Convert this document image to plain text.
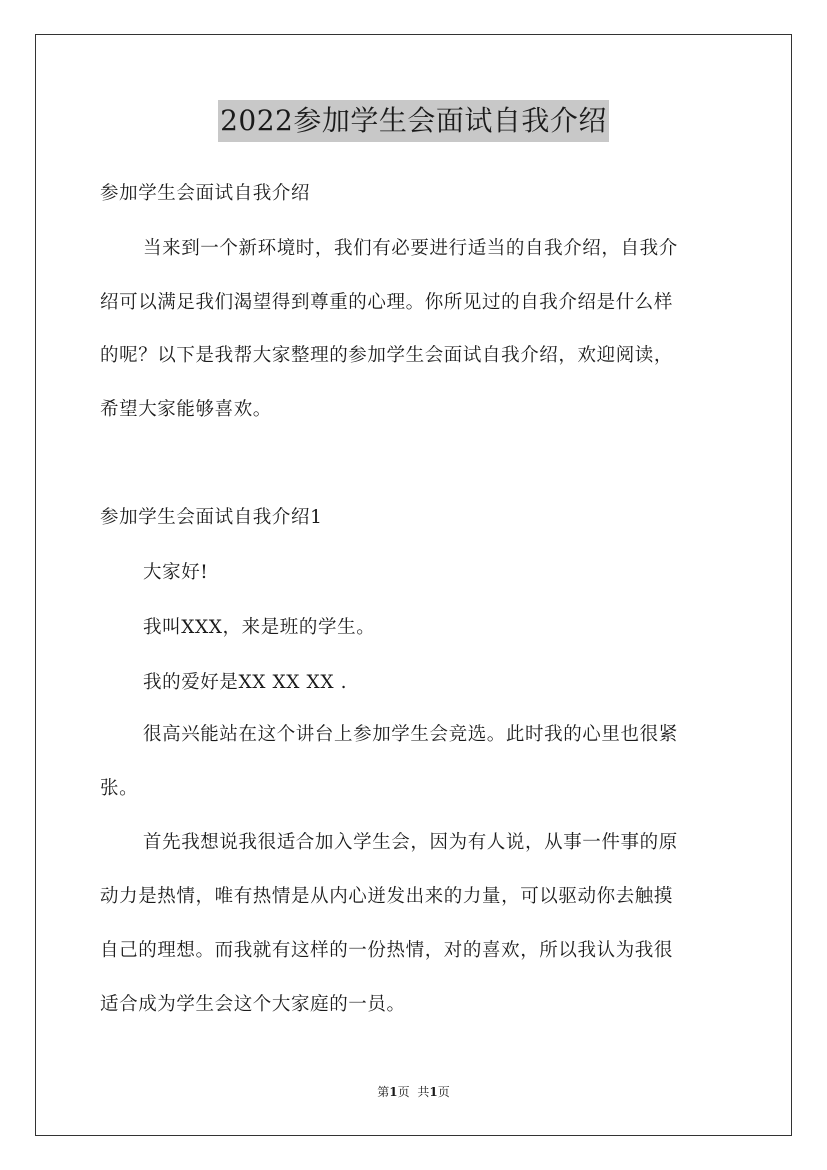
2022参加学生会面试自我介绍
参加学生会面试自我介绍
当来到一个新环境时，我们有必要进行适当的自我介绍，自我介
绍可以满足我们渴望得到尊重的心理。你所见过的自我介绍是什么样
的呢？以下是我帮大家整理的参加学生会面试自我介绍，欢迎阅读，
希望大家能够喜欢。
参加学生会面试自我介绍1
大家好!
我叫XXX，来是班的学生。
我的爱好是XX XX XX .
很高兴能站在这个讲台上参加学生会竞选。此时我的心里也很紧
张。
首先我想说我很适合加入学生会，因为有人说，从事一件事的原
动力是热情，唯有热情是从内心迸发出来的力量，可以驱动你去触摸
自己的理想。而我就有这样的一份热情，对的喜欢，所以我认为我很
适合成为学生会这个大家庭的一员。
第1页 共1页
